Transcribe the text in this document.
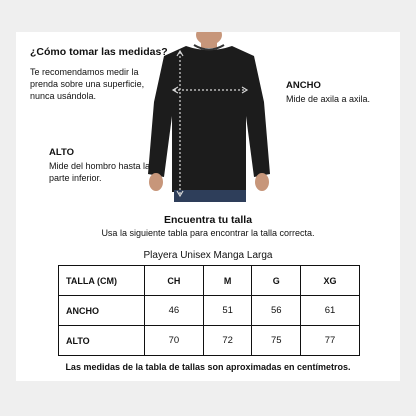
¿Cómo tomar las medidas?
Te recomendamos medir la prenda sobre una superficie, nunca usándola.
ANCHO
Mide de axila a axila.
ALTO
Mide del hombro hasta la parte inferior.
Encuentra tu talla
Usa la siguiente tabla para encontrar la talla correcta.
Playera Unisex Manga Larga
TALLA (CM)	CH	M	G	XG
ANCHO	46	51	56	61
ALTO	70	72	75	77
Las medidas de la tabla de tallas son aproximadas en centímetros.
